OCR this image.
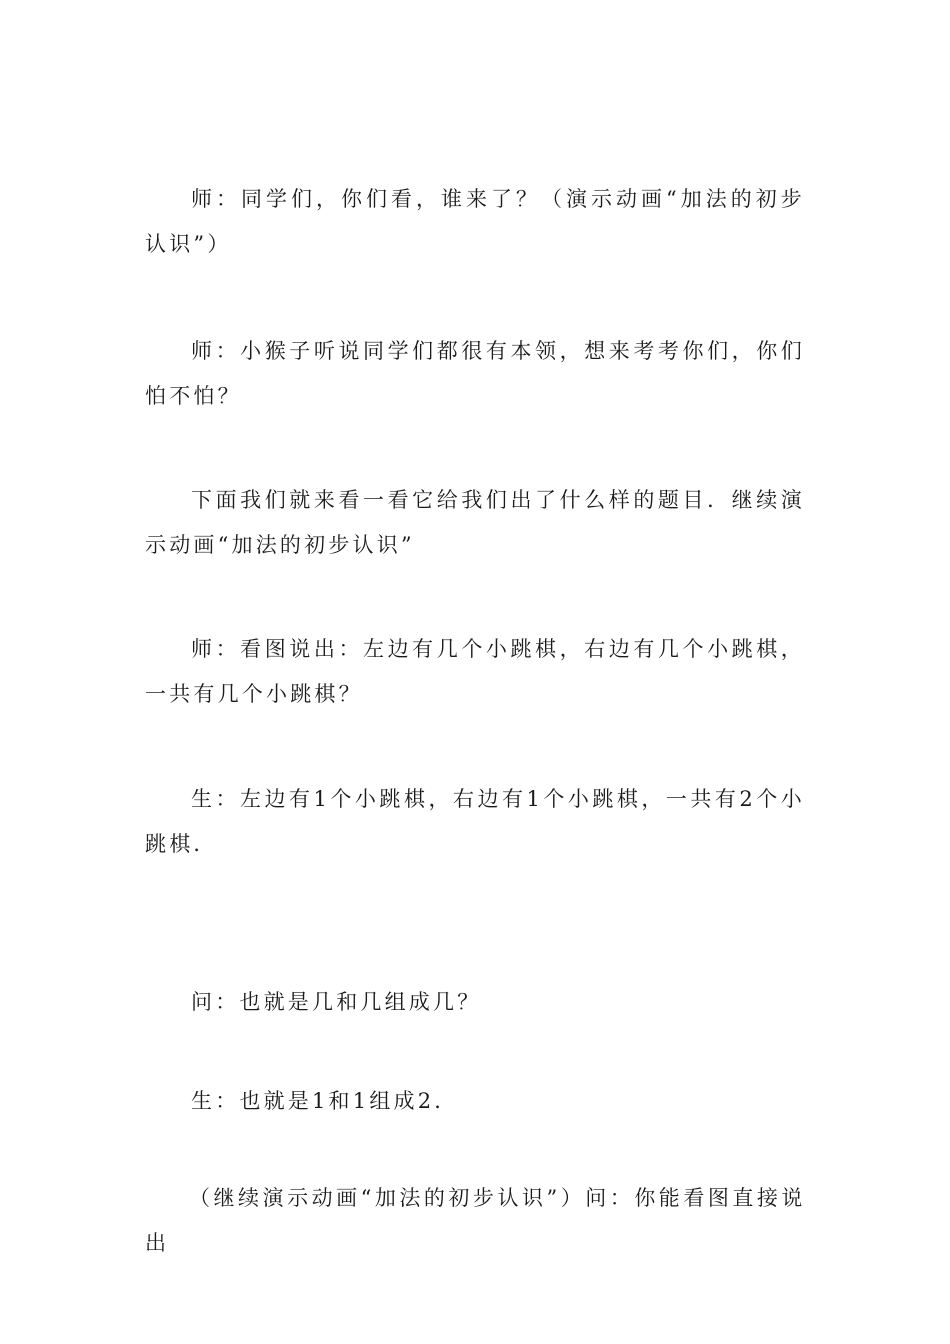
师：同学们，你们看，谁来了？（演示动画“加法的初步认识”）

师：小猴子听说同学们都很有本领，想来考考你们，你们怕不怕？

下面我们就来看一看它给我们出了什么样的题目．继续演示动画“加法的初步认识”

师：看图说出：左边有几个小跳棋，右边有几个小跳棋，一共有几个小跳棋？

生：左边有1个小跳棋，右边有1个小跳棋，一共有2个小跳棋．

问：也就是几和几组成几？

生：也就是1和1组成2．

（继续演示动画“加法的初步认识”）问：你能看图直接说出
